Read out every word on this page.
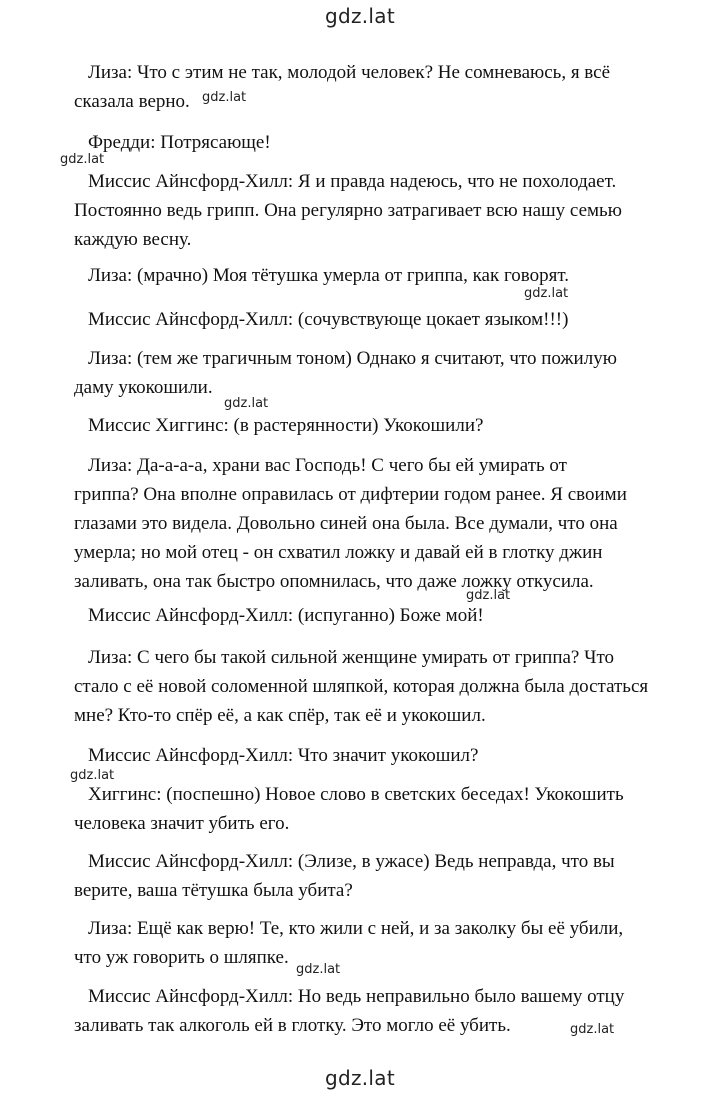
gdz.lat
Лиза: Что с этим не так, молодой человек? Не сомневаюсь, я всё
сказала верно.
Фредди: Потрясающе!
Миссис Айнсфорд-Хилл: Я и правда надеюсь, что не похолодает.
Постоянно ведь грипп. Она регулярно затрагивает всю нашу семью
каждую весну.
Лиза: (мрачно) Моя тётушка умерла от гриппа, как говорят.
Миссис Айнсфорд-Хилл: (сочувствующе цокает языком!!!)
Лиза: (тем же трагичным тоном) Однако я считают, что пожилую
даму укокошили.
Миссис Хиггинс: (в растерянности) Укокошили?
Лиза: Да-а-а-а, храни вас Господь! С чего бы ей умирать от
гриппа? Она вполне оправилась от дифтерии годом ранее. Я своими
глазами это видела. Довольно синей она была. Все думали, что она
умерла; но мой отец - он схватил ложку и давай ей в глотку джин
заливать, она так быстро опомнилась, что даже ложку откусила.
Миссис Айнсфорд-Хилл: (испуганно) Боже мой!
Лиза: С чего бы такой сильной женщине умирать от гриппа? Что
стало с её новой соломенной шляпкой, которая должна была достаться
мне? Кто-то спёр её, а как спёр, так её и укокошил.
Миссис Айнсфорд-Хилл: Что значит укокошил?
Хиггинс: (поспешно) Новое слово в светских беседах! Укокошить
человека значит убить его.
Миссис Айнсфорд-Хилл: (Элизе, в ужасе) Ведь неправда, что вы
верите, ваша тётушка была убита?
Лиза: Ещё как верю! Те, кто жили с ней, и за заколку бы её убили,
что уж говорить о шляпке.
Миссис Айнсфорд-Хилл: Но ведь неправильно было вашему отцу
заливать так алкоголь ей в глотку. Это могло её убить.
gdz.lat
gdz.lat
gdz.lat
gdz.lat
gdz.lat
gdz.lat
gdz.lat
gdz.lat
gdz.lat
